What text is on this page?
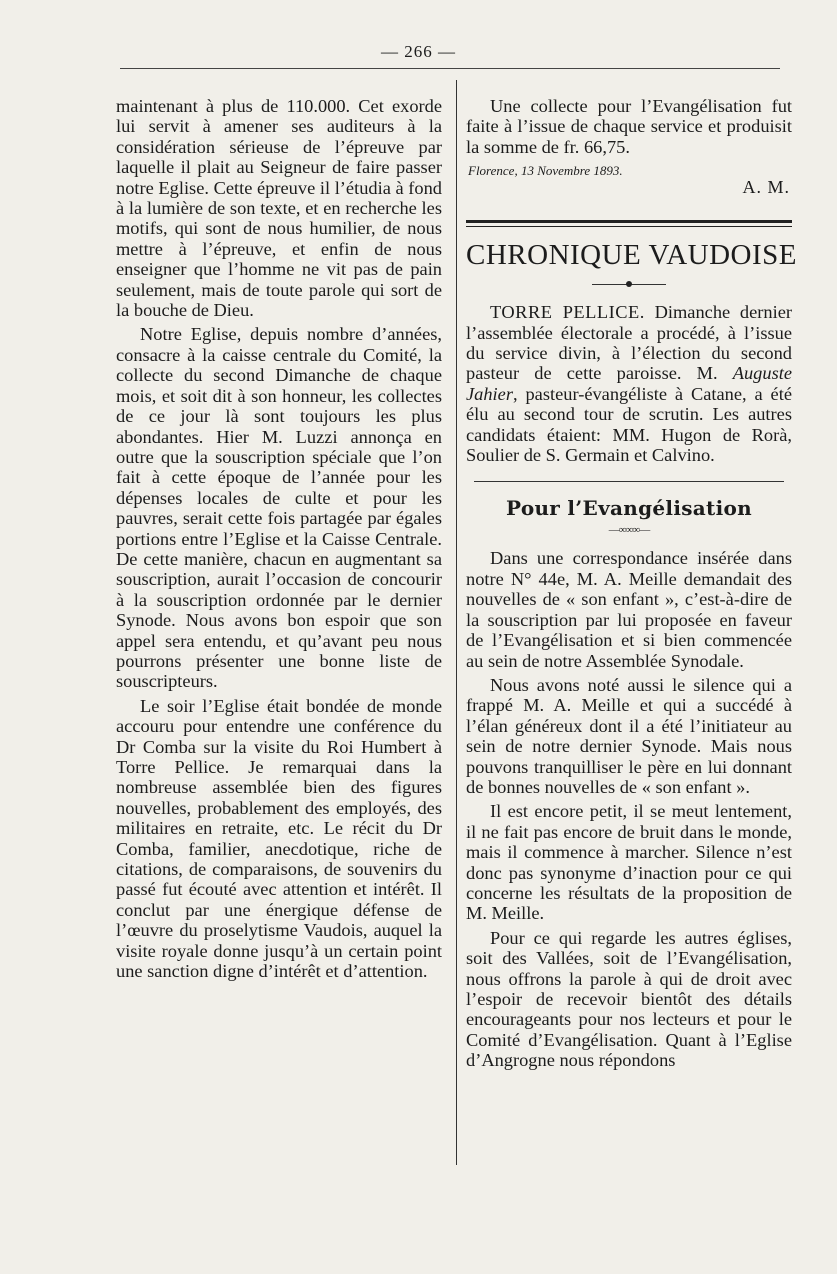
— 266 —

maintenant à plus de 110.000. Cet exorde lui servit à amener ses auditeurs à la considération sérieuse de l’épreuve par laquelle il plait au Seigneur de faire passer notre Eglise. Cette épreuve il l’étudia à fond à la lumière de son texte, et en recherche les motifs, qui sont de nous humilier, de nous mettre à l’épreuve, et enfin de nous enseigner que l’homme ne vit pas de pain seulement, mais de toute parole qui sort de la bouche de Dieu.

Notre Eglise, depuis nombre d’années, consacre à la caisse centrale du Comité, la collecte du second Dimanche de chaque mois, et soit dit à son honneur, les collectes de ce jour là sont toujours les plus abondantes. Hier M. Luzzi annonça en outre que la souscription spéciale que l’on fait à cette époque de l’année pour les dépenses locales de culte et pour les pauvres, serait cette fois partagée par égales portions entre l’Eglise et la Caisse Centrale. De cette manière, chacun en augmentant sa souscription, aurait l’occasion de concourir à la souscription ordonnée par le dernier Synode. Nous avons bon espoir que son appel sera entendu, et qu’avant peu nous pourrons présenter une bonne liste de souscripteurs.

Le soir l’Eglise était bondée de monde accouru pour entendre une conférence du Dr Comba sur la visite du Roi Humbert à Torre Pellice. Je remarquai dans la nombreuse assemblée bien des figures nouvelles, probablement des employés, des militaires en retraite, etc. Le récit du Dr Comba, familier, anecdotique, riche de citations, de comparaisons, de souvenirs du passé fut écouté avec attention et intérêt. Il conclut par une énergique défense de l’œuvre du proselytisme Vaudois, auquel la visite royale donne jusqu’à un certain point une sanction digne d’intérêt et d’attention.

Une collecte pour l’Evangélisation fut faite à l’issue de chaque service et produisit la somme de fr. 66,75.

Florence, 13 Novembre 1893.
A. M.
CHRONIQUE VAUDOISE

TORRE PELLICE. Dimanche dernier l’assemblée électorale a procédé, à l’issue du service divin, à l’élection du second pasteur de cette paroisse. M. Auguste Jahier, pasteur-évangéliste à Catane, a été élu au second tour de scrutin. Les autres candidats étaient: MM. Hugon de Rorà, Soulier de S. Germain et Calvino.

Pour l’Evangélisation
—∞∞∞—

Dans une correspondance insérée dans notre N° 44e, M. A. Meille demandait des nouvelles de « son enfant », c’est-à-dire de la souscription par lui proposée en faveur de l’Evangélisation et si bien commencée au sein de notre Assemblée Synodale.

Nous avons noté aussi le silence qui a frappé M. A. Meille et qui a succédé à l’élan généreux dont il a été l’initiateur au sein de notre dernier Synode. Mais nous pouvons tranquilliser le père en lui donnant de bonnes nouvelles de « son enfant ».

Il est encore petit, il se meut lentement, il ne fait pas encore de bruit dans le monde, mais il commence à marcher. Silence n’est donc pas synonyme d’inaction pour ce qui concerne les résultats de la proposition de M. Meille.

Pour ce qui regarde les autres églises, soit des Vallées, soit de l’Evangélisation, nous offrons la parole à qui de droit avec l’espoir de recevoir bientôt des détails encourageants pour nos lecteurs et pour le Comité d’Evangélisation. Quant à l’Eglise d’Angrogne nous répondons
